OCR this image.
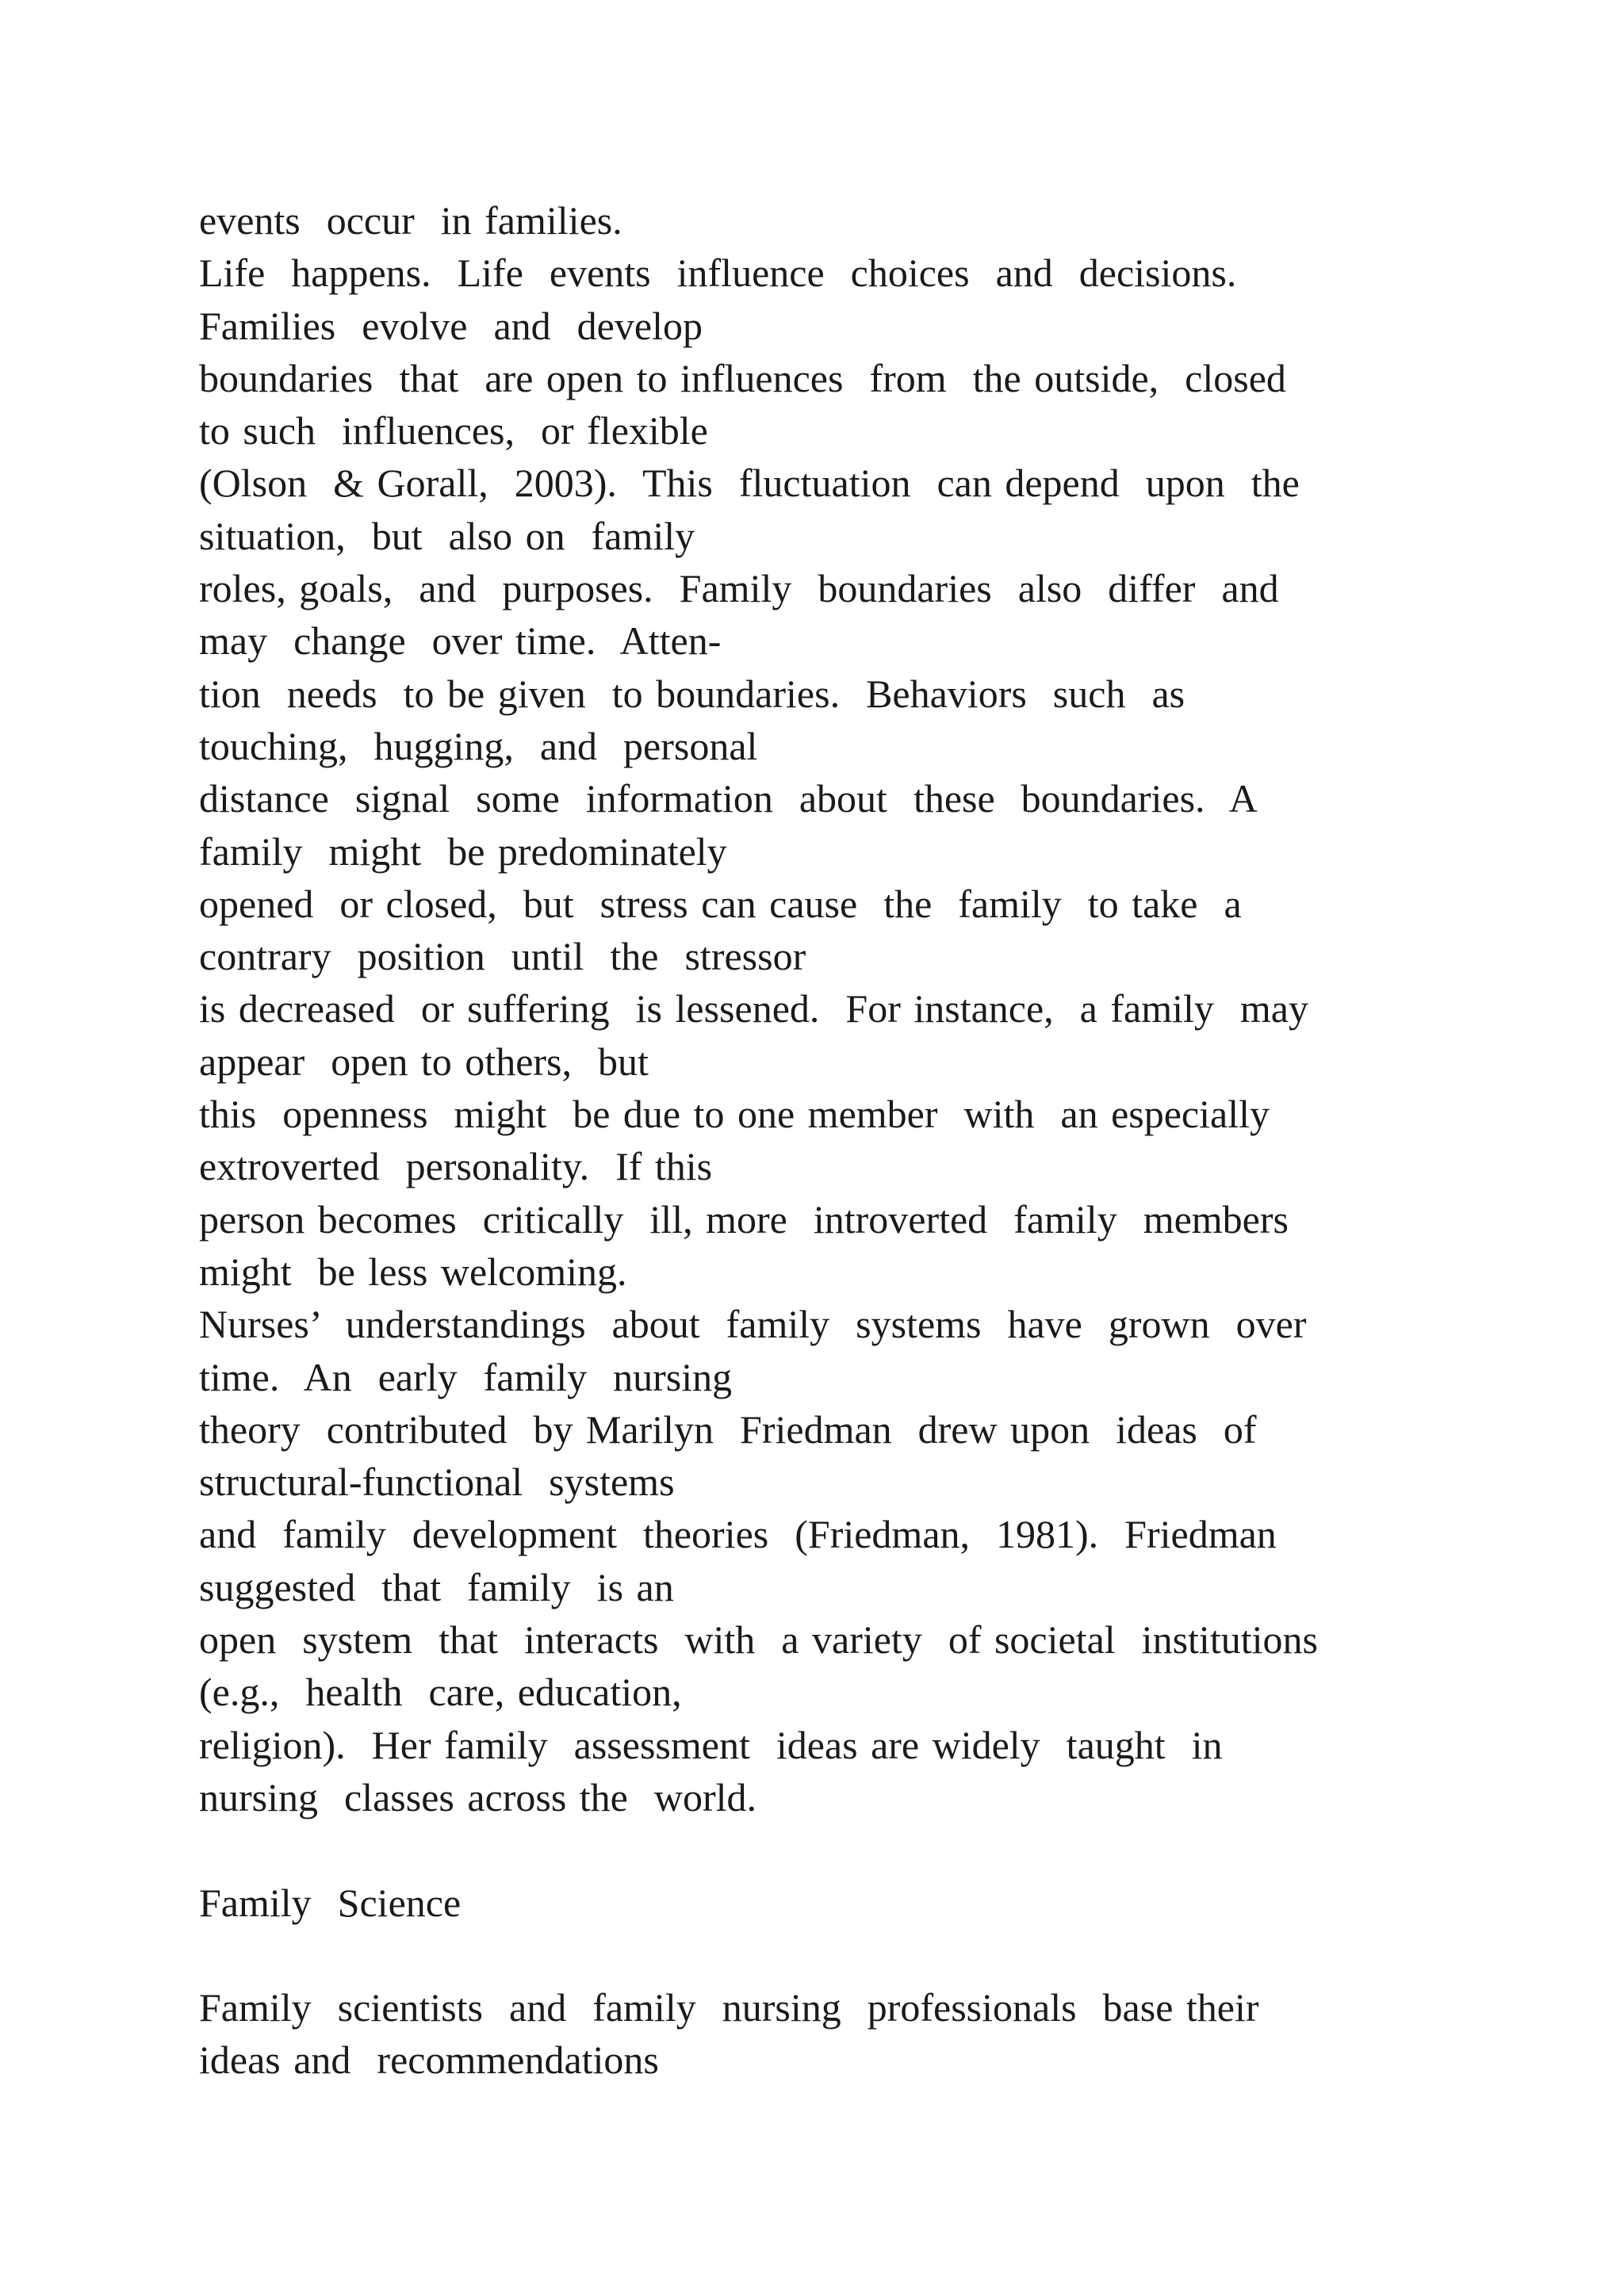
events  occur  in families.
Life  happens.  Life  events  influence  choices  and  decisions.
Families  evolve  and  develop
boundaries  that  are open to influences  from  the outside,  closed
to such  influences,  or flexible
(Olson  & Gorall,  2003).  This  fluctuation  can depend  upon  the
situation,  but  also on  family
roles, goals,  and  purposes.  Family  boundaries  also  differ  and
may  change  over time.  Atten-
tion  needs  to be given  to boundaries.  Behaviors  such  as
touching,  hugging,  and  personal
distance  signal  some  information  about  these  boundaries.  A
family  might  be predominately
opened  or closed,  but  stress can cause  the  family  to take  a
contrary  position  until  the  stressor
is decreased  or suffering  is lessened.  For instance,  a family  may
appear  open to others,  but
this  openness  might  be due to one member  with  an especially
extroverted  personality.  If this
person becomes  critically  ill, more  introverted  family  members
might  be less welcoming.
Nurses’  understandings  about  family  systems  have  grown  over
time.  An  early  family  nursing
theory  contributed  by Marilyn  Friedman  drew upon  ideas  of
structural-functional  systems
and  family  development  theories  (Friedman,  1981).  Friedman
suggested  that  family  is an
open  system  that  interacts  with  a variety  of societal  institutions
(e.g.,  health  care, education,
religion).  Her family  assessment  ideas are widely  taught  in
nursing  classes across the  world.
Family  Science
Family  scientists  and  family  nursing  professionals  base their
ideas and  recommendations
